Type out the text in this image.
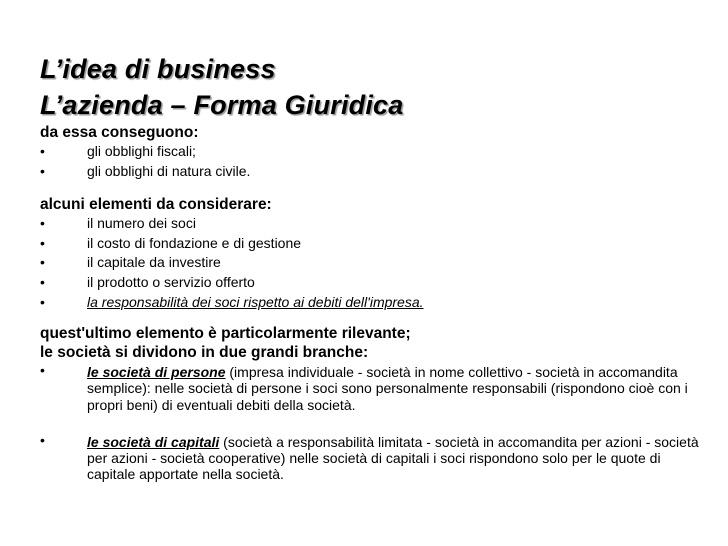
L’idea di business
L’azienda – Forma Giuridica

da essa conseguono:

•	gli obblighi fiscali;
•	gli obblighi di natura civile.

alcuni elementi da considerare:

•	il numero dei soci
•	il costo di fondazione e di gestione
•	il capitale da investire
•	il prodotto o servizio offerto
•	la responsabilità dei soci rispetto ai debiti dell'impresa.

quest'ultimo elemento è particolarmente rilevante;

le società si dividono in due grandi branche:

•	le società di persone (impresa individuale - società in nome collettivo - società in accomandita semplice): nelle società di persone i soci sono personalmente responsabili (rispondono cioè con i propri beni) di eventuali debiti della società.
•	le società di capitali (società a responsabilità limitata - società in accomandita per azioni - società per azioni - società cooperative) nelle società di capitali i soci rispondono solo per le quote di capitale apportate nella società.
